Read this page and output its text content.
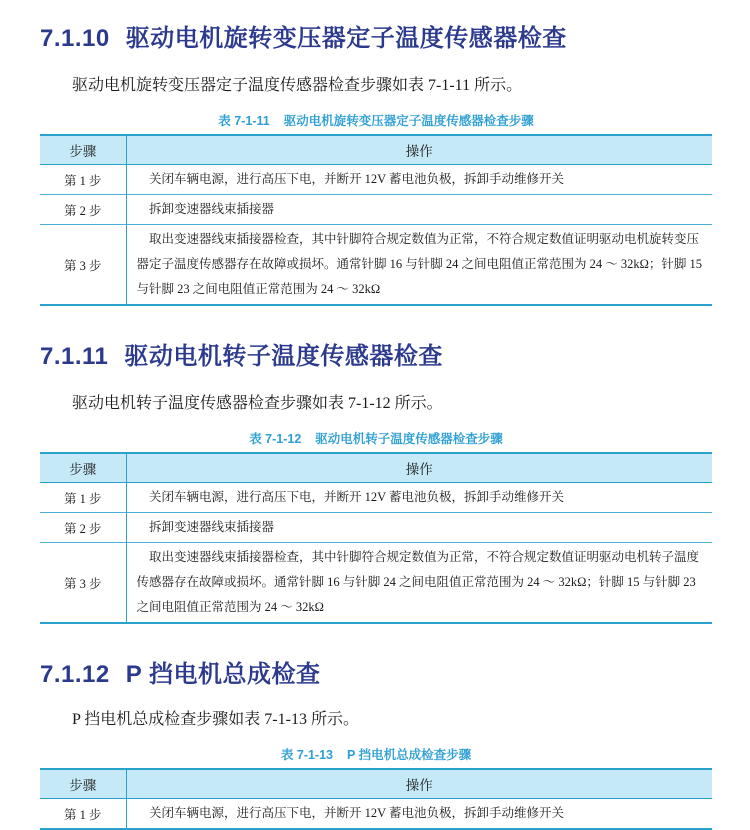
7.1.10 驱动电机旋转变压器定子温度传感器检查

驱动电机旋转变压器定子温度传感器检查步骤如表 7-1-11 所示。

表 7-1-11 驱动电机旋转变压器定子温度传感器检查步骤
步骤	操作
第 1 步	关闭车辆电源，进行高压下电，并断开 12V 蓄电池负极，拆卸手动维修开关
第 2 步	拆卸变速器线束插接器
第 3 步	取出变速器线束插接器检查，其中针脚符合规定数值为正常，不符合规定数值证明驱动电机旋转变压器定子温度传感器存在故障或损坏。通常针脚 16 与针脚 24 之间电阻值正常范围为 24 ～ 32kΩ；针脚 15 与针脚 23 之间电阻值正常范围为 24 ～ 32kΩ
7.1.11 驱动电机转子温度传感器检查

驱动电机转子温度传感器检查步骤如表 7-1-12 所示。

表 7-1-12 驱动电机转子温度传感器检查步骤
步骤	操作
第 1 步	关闭车辆电源，进行高压下电，并断开 12V 蓄电池负极，拆卸手动维修开关
第 2 步	拆卸变速器线束插接器
第 3 步	取出变速器线束插接器检查，其中针脚符合规定数值为正常，不符合规定数值证明驱动电机转子温度传感器存在故障或损坏。通常针脚 16 与针脚 24 之间电阻值正常范围为 24 ～ 32kΩ；针脚 15 与针脚 23 之间电阻值正常范围为 24 ～ 32kΩ
7.1.12 P 挡电机总成检查

P 挡电机总成检查步骤如表 7-1-13 所示。

表 7-1-13 P 挡电机总成检查步骤
步骤	操作
第 1 步	关闭车辆电源，进行高压下电，并断开 12V 蓄电池负极，拆卸手动维修开关
